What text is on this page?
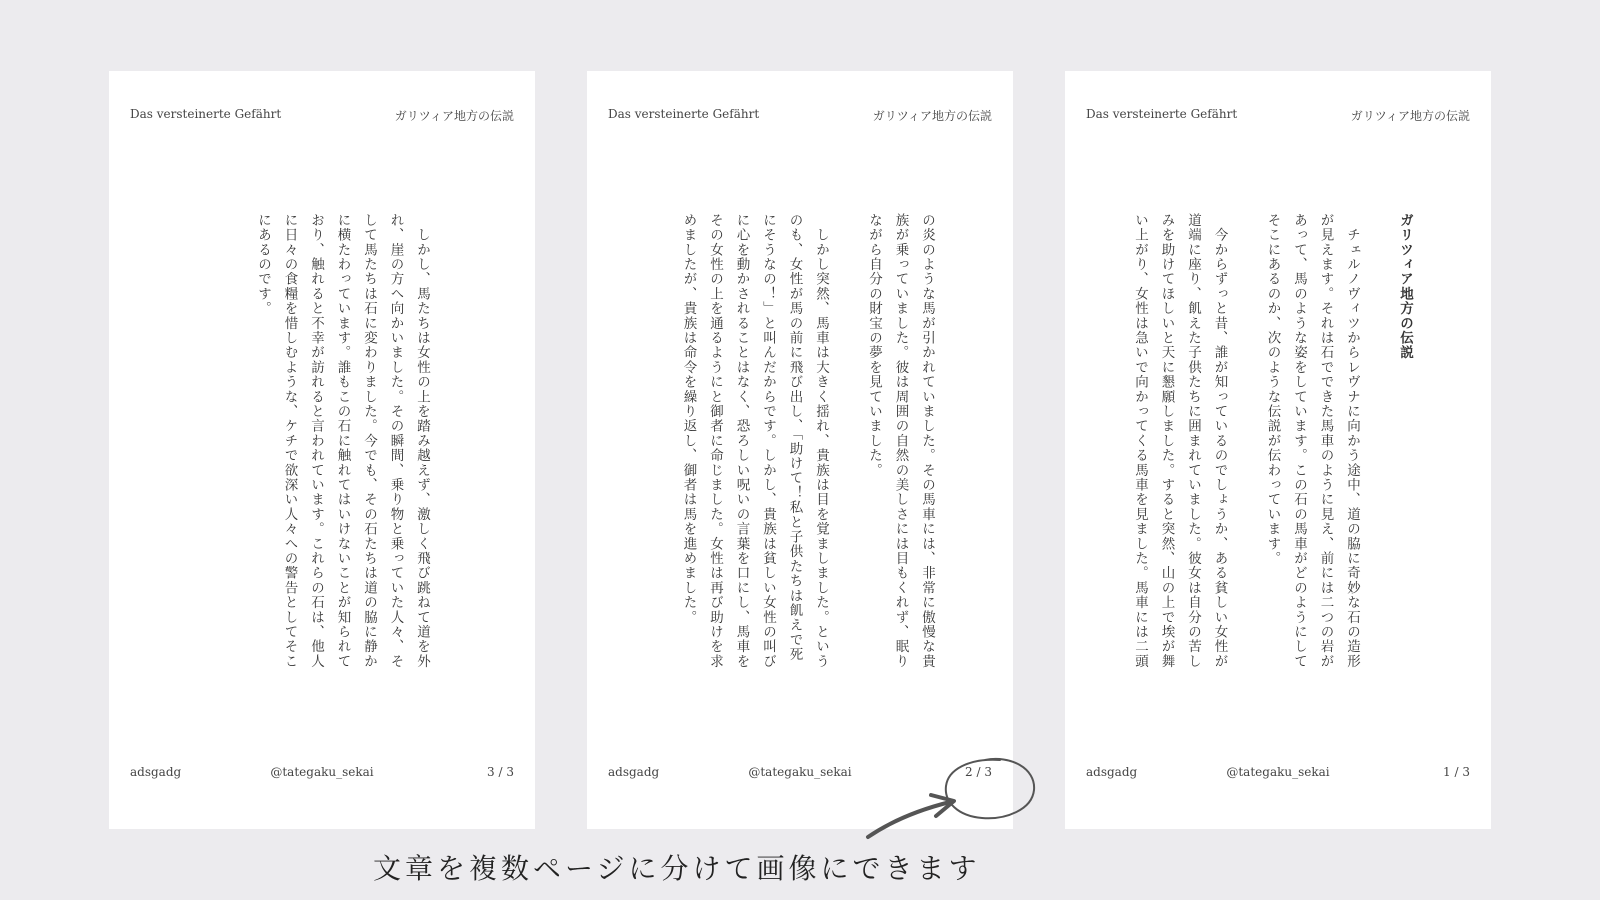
Das versteinerte Gefährt	ガリツィア地方の伝説
　しかし、馬たちは女性の上を踏み越えず、激しく飛び跳ねて道を外
れ、崖の方へ向かいました。その瞬間、乗り物と乗っていた人々、そ
して馬たちは石に変わりました。今でも、その石たちは道の脇に静か
に横たわっています。誰もこの石に触れてはいけないことが知られて
おり、触れると不幸が訪れると言われています。これらの石は、他人
に日々の食糧を惜しむような、ケチで欲深い人々への警告としてそこ
にあるのです。
adsgadg	@tategaku_sekai	3 / 3
Das versteinerte Gefährt	ガリツィア地方の伝説
の炎のような馬が引かれていました。その馬車には、非常に傲慢な貴
族が乗っていました。彼は周囲の自然の美しさには目もくれず、眠り
ながら自分の財宝の夢を見ていました。
　しかし突然、馬車は大きく揺れ、貴族は目を覚ましました。という
のも、女性が馬の前に飛び出し、「助けて！私と子供たちは飢えで死
にそうなの！」と叫んだからです。しかし、貴族は貧しい女性の叫び
に心を動かされることはなく、恐ろしい呪いの言葉を口にし、馬車を
その女性の上を通るようにと御者に命じました。女性は再び助けを求
めましたが、貴族は命令を繰り返し、御者は馬を進めました。
adsgadg	@tategaku_sekai	2 / 3
Das versteinerte Gefährt	ガリツィア地方の伝説
ガリツィア地方の伝説
　チェルノヴィツからレヴナに向かう途中、道の脇に奇妙な石の造形
が見えます。それは石でできた馬車のように見え、前には二つの岩が
あって、馬のような姿をしています。この石の馬車がどのようにして
そこにあるのか、次のような伝説が伝わっています。
　今からずっと昔、誰が知っているのでしょうか、ある貧しい女性が
道端に座り、飢えた子供たちに囲まれていました。彼女は自分の苦し
みを助けてほしいと天に懇願しました。すると突然、山の上で埃が舞
い上がり、女性は急いで向かってくる馬車を見ました。馬車には二頭
adsgadg	@tategaku_sekai	1 / 3
文章を複数ページに分けて画像にできます
